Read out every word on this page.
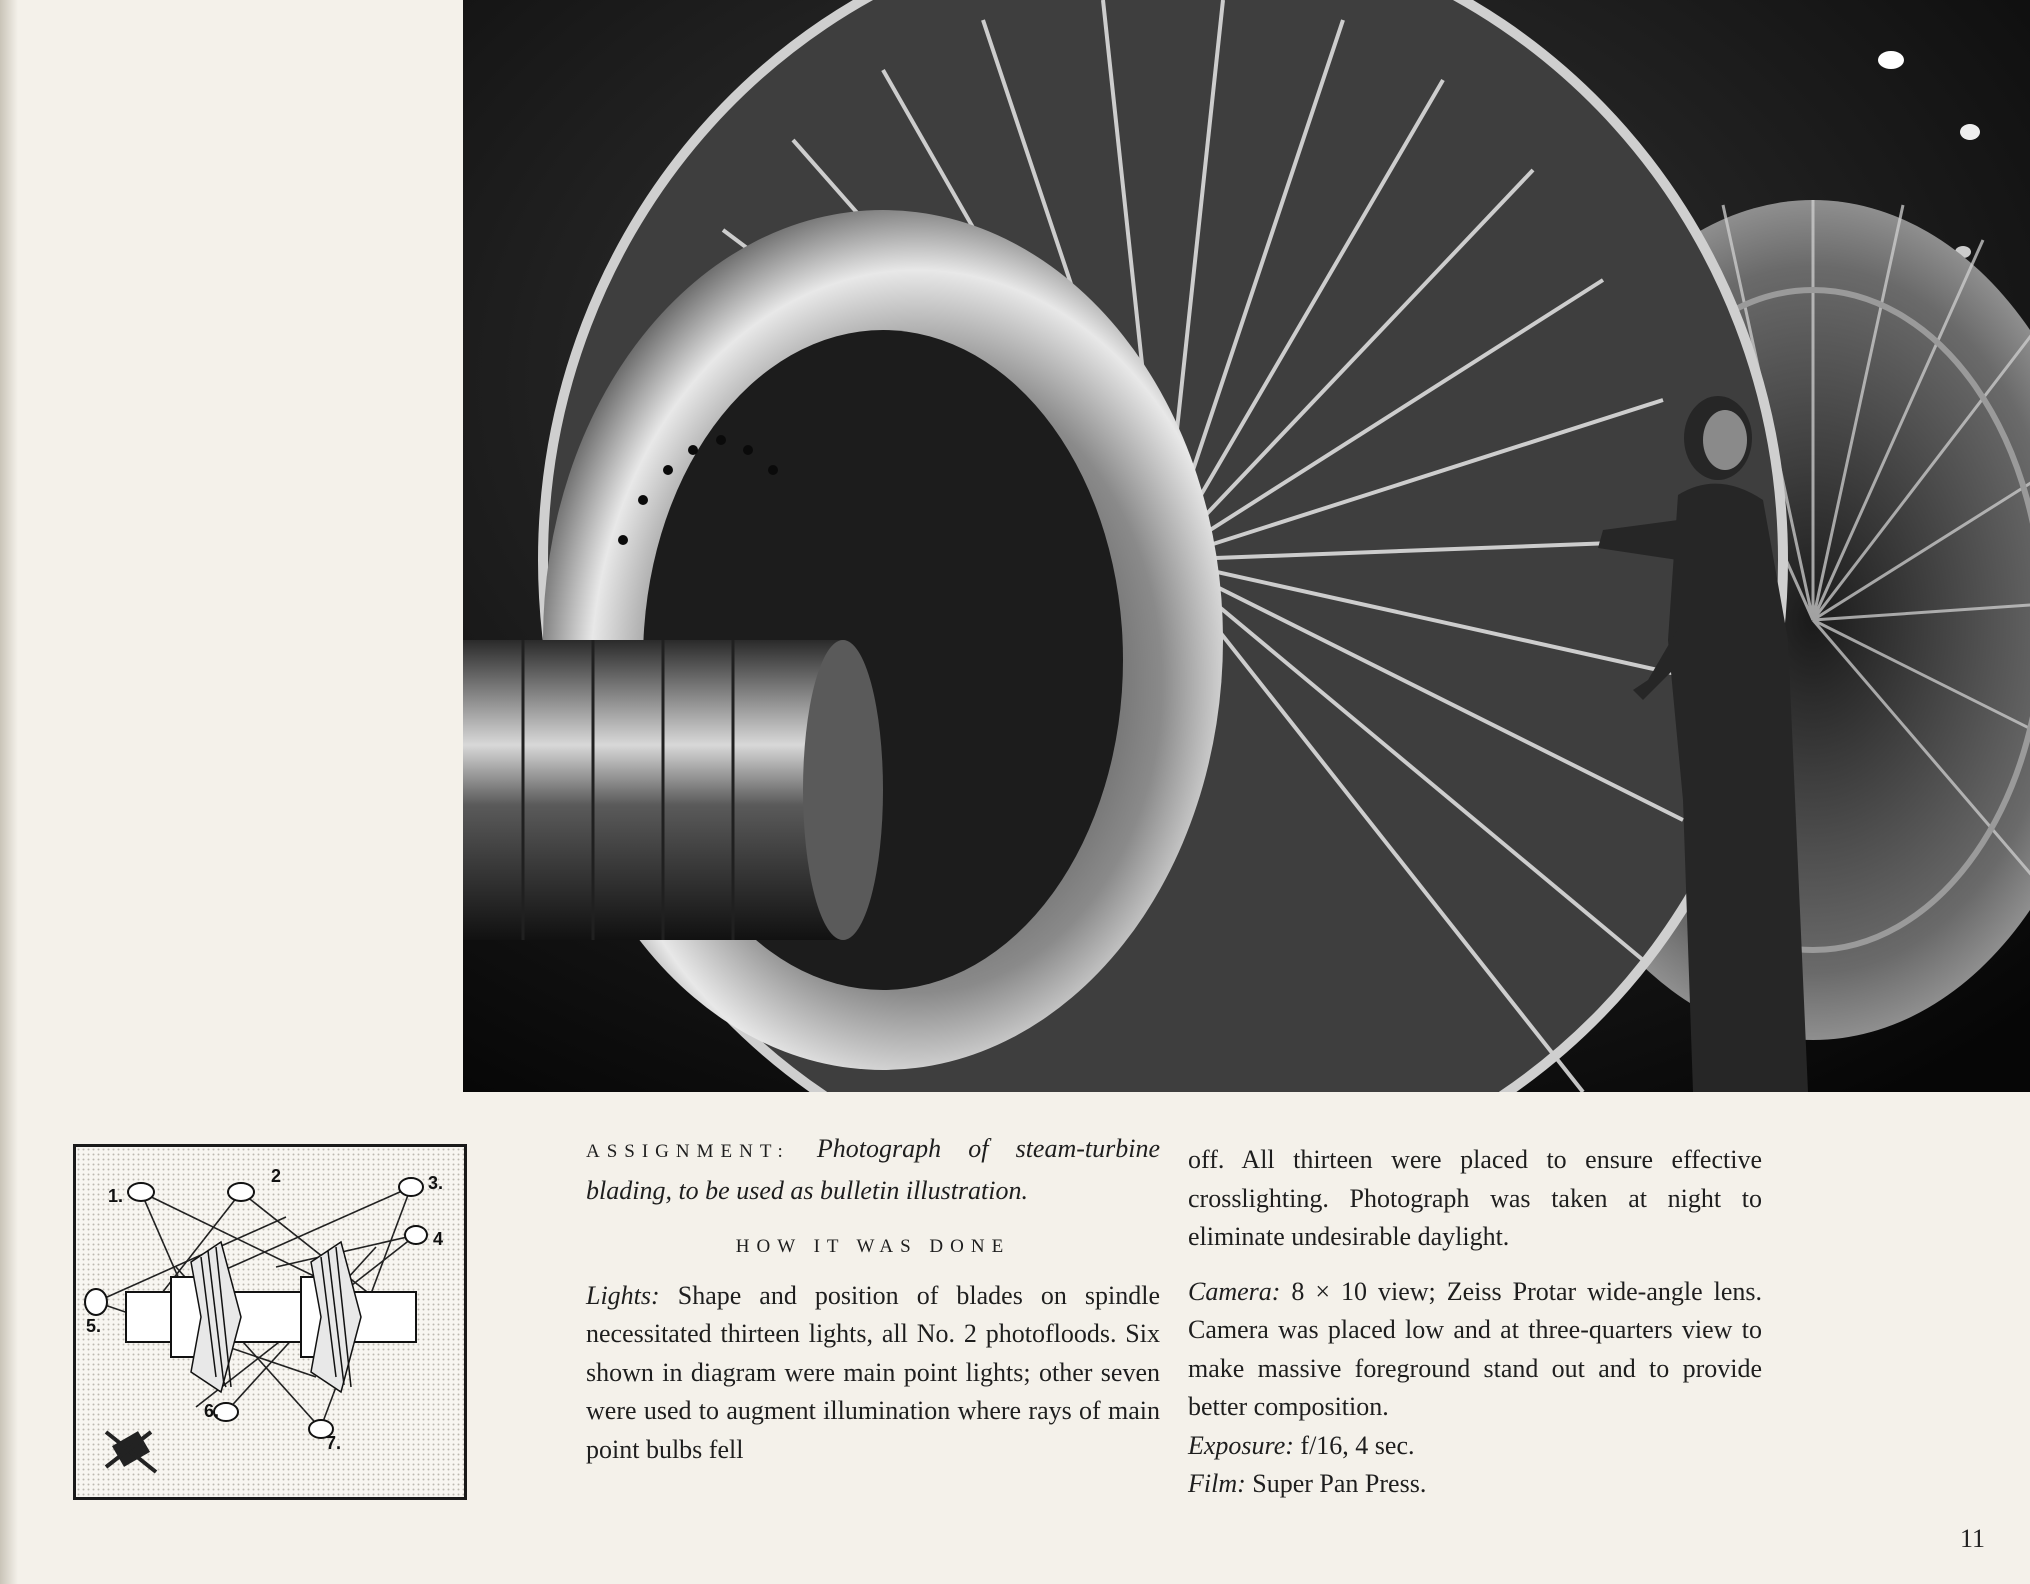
1.
2	3.
4
5.
6.
7.

ASSIGNMENT: Photograph of steam-turbine blading, to be used as bulletin illustration.

HOW IT WAS DONE

Lights: Shape and position of blades on spindle necessitated thirteen lights, all No. 2 photofloods. Six shown in diagram were main point lights; other seven were used to augment illumination where rays of main point bulbs fell

off. All thirteen were placed to ensure effective crosslighting. Photograph was taken at night to eliminate undesirable daylight.

Camera: 8 × 10 view; Zeiss Protar wide-angle lens. Camera was placed low and at three-quarters view to make massive foreground stand out and to provide better composition.

Exposure: f/16, 4 sec.

Film: Super Pan Press.

11
